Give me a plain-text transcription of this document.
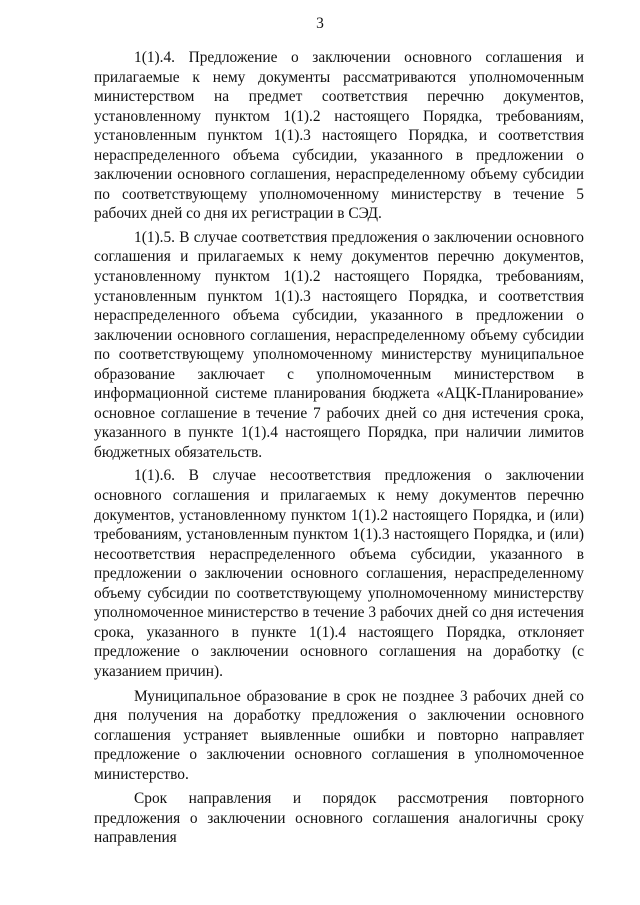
3

1(1).4. Предложение о заключении основного соглашения и прилагаемые к нему документы рассматриваются уполномоченным министерством на предмет соответствия перечню документов, установленному пунктом 1(1).2 настоящего Порядка, требованиям, установленным пунктом 1(1).3 настоящего Порядка, и соответствия нераспределенного объема субсидии, указанного в предложении о заключении основного соглашения, нераспределенному объему субсидии по соответствующему уполномоченному министерству в течение 5 рабочих дней со дня их регистрации в СЭД.

1(1).5. В случае соответствия предложения о заключении основного соглашения и прилагаемых к нему документов перечню документов, установленному пунктом 1(1).2 настоящего Порядка, требованиям, установленным пунктом 1(1).3 настоящего Порядка, и соответствия нераспределенного объема субсидии, указанного в предложении о заключении основного соглашения, нераспределенному объему субсидии по соответствующему уполномоченному министерству муниципальное образование заключает с уполномоченным министерством в информационной системе планирования бюджета «АЦК-Планирование» основное соглашение в течение 7 рабочих дней со дня истечения срока, указанного в пункте 1(1).4 настоящего Порядка, при наличии лимитов бюджетных обязательств.

1(1).6. В случае несоответствия предложения о заключении основного соглашения и прилагаемых к нему документов перечню документов, установленному пунктом 1(1).2 настоящего Порядка, и (или) требованиям, установленным пунктом 1(1).3 настоящего Порядка, и (или) несоответствия нераспределенного объема субсидии, указанного в предложении о заключении основного соглашения, нераспределенному объему субсидии по соответствующему уполномоченному министерству уполномоченное министерство в течение 3 рабочих дней со дня истечения срока, указанного в пункте 1(1).4 настоящего Порядка, отклоняет предложение о заключении основного соглашения на доработку (с указанием причин).

Муниципальное образование в срок не позднее 3 рабочих дней со дня получения на доработку предложения о заключении основного соглашения устраняет выявленные ошибки и повторно направляет предложение о заключении основного соглашения в уполномоченное министерство.

Срок направления и порядок рассмотрения повторного предложения о заключении основного соглашения аналогичны сроку направления
